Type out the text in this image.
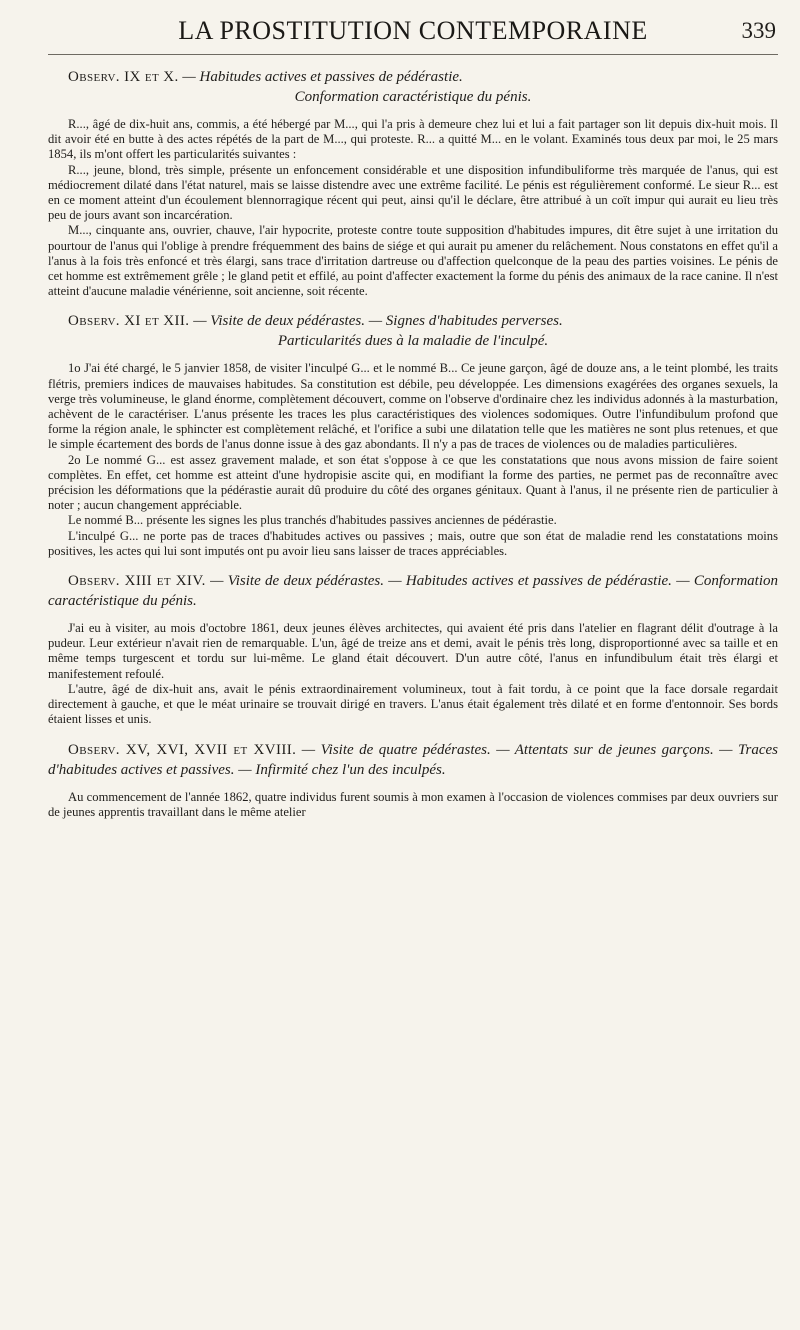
LA PROSTITUTION CONTEMPORAINE	339

Observ. IX et X. — Habitudes actives et passives de pédérastie.
Conformation caractéristique du pénis.

R..., âgé de dix-huit ans, commis, a été hébergé par M..., qui l'a pris à demeure chez lui et lui a fait partager son lit depuis dix-huit mois. Il dit avoir été en butte à des actes répétés de la part de M..., qui proteste. R... a quitté M... en le volant. Examinés tous deux par moi, le 25 mars 1854, ils m'ont offert les particularités suivantes :

R..., jeune, blond, très simple, présente un enfoncement considérable et une disposition infundibuliforme très marquée de l'anus, qui est médiocrement dilaté dans l'état naturel, mais se laisse distendre avec une extrême facilité. Le pénis est régulièrement conformé. Le sieur R... est en ce moment atteint d'un écoulement blennorragique récent qui peut, ainsi qu'il le déclare, être attribué à un coït impur qui aurait eu lieu très peu de jours avant son incarcération.

M..., cinquante ans, ouvrier, chauve, l'air hypocrite, proteste contre toute supposition d'habitudes impures, dit être sujet à une irritation du pourtour de l'anus qui l'oblige à prendre fréquemment des bains de siége et qui aurait pu amener du relâchement. Nous constatons en effet qu'il a l'anus à la fois très enfoncé et très élargi, sans trace d'irritation dartreuse ou d'affection quelconque de la peau des parties voisines. Le pénis de cet homme est extrêmement grêle ; le gland petit et effilé, au point d'affecter exactement la forme du pénis des animaux de la race canine. Il n'est atteint d'aucune maladie vénérienne, soit ancienne, soit récente.

Observ. XI et XII. — Visite de deux pédérastes. — Signes d'habitudes perverses.
Particularités dues à la maladie de l'inculpé.

1o J'ai été chargé, le 5 janvier 1858, de visiter l'inculpé G... et le nommé B... Ce jeune garçon, âgé de douze ans, a le teint plombé, les traits flétris, premiers indices de mauvaises habitudes. Sa constitution est débile, peu développée. Les dimensions exagérées des organes sexuels, la verge très volumineuse, le gland énorme, complètement découvert, comme on l'observe d'ordinaire chez les individus adonnés à la masturbation, achèvent de le caractériser. L'anus présente les traces les plus caractéristiques des violences sodomiques. Outre l'infundibulum profond que forme la région anale, le sphincter est complètement relâché, et l'orifice a subi une dilatation telle que les matières ne sont plus retenues, et que le simple écartement des bords de l'anus donne issue à des gaz abondants. Il n'y a pas de traces de violences ou de maladies particulières.

2o Le nommé G... est assez gravement malade, et son état s'oppose à ce que les constatations que nous avons mission de faire soient complètes. En effet, cet homme est atteint d'une hydropisie ascite qui, en modifiant la forme des parties, ne permet pas de reconnaître avec précision les déformations que la pédérastie aurait dû produire du côté des organes génitaux. Quant à l'anus, il ne présente rien de particulier à noter ; aucun changement appréciable.

Le nommé B... présente les signes les plus tranchés d'habitudes passives anciennes de pédérastie.

L'inculpé G... ne porte pas de traces d'habitudes actives ou passives ; mais, outre que son état de maladie rend les constatations moins positives, les actes qui lui sont imputés ont pu avoir lieu sans laisser de traces appréciables.

Observ. XIII et XIV. — Visite de deux pédérastes. — Habitudes actives et passives de pédérastie. — Conformation caractéristique du pénis.

J'ai eu à visiter, au mois d'octobre 1861, deux jeunes élèves architectes, qui avaient été pris dans l'atelier en flagrant délit d'outrage à la pudeur. Leur extérieur n'avait rien de remarquable. L'un, âgé de treize ans et demi, avait le pénis très long, disproportionné avec sa taille et en même temps turgescent et tordu sur lui-même. Le gland était découvert. D'un autre côté, l'anus en infundibulum était très élargi et manifestement refoulé.

L'autre, âgé de dix-huit ans, avait le pénis extraordinairement volumineux, tout à fait tordu, à ce point que la face dorsale regardait directement à gauche, et que le méat urinaire se trouvait dirigé en travers. L'anus était également très dilaté et en forme d'entonnoir. Ses bords étaient lisses et unis.

Observ. XV, XVI, XVII et XVIII. — Visite de quatre pédérastes. — Attentats sur de jeunes garçons. — Traces d'habitudes actives et passives. — Infirmité chez l'un des inculpés.

Au commencement de l'année 1862, quatre individus furent soumis à mon examen à l'occasion de violences commises par deux ouvriers sur de jeunes apprentis travaillant dans le même atelier
